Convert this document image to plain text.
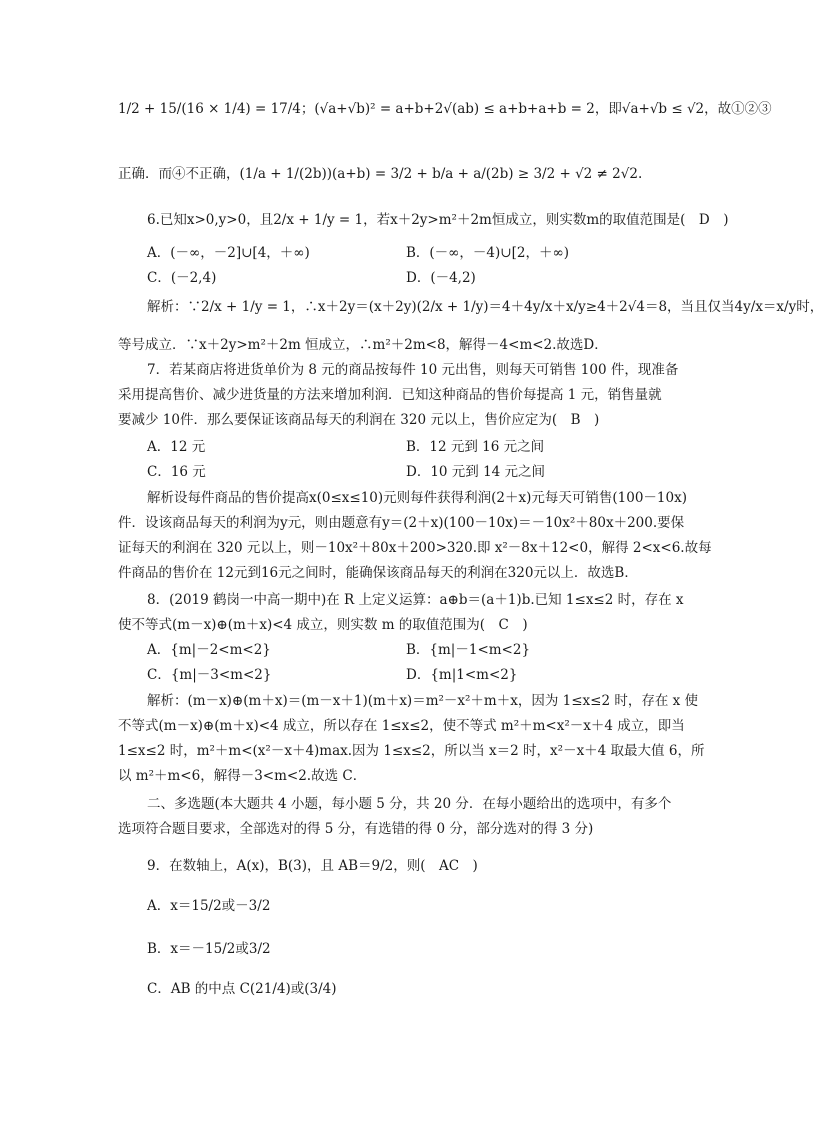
1/2 + 15/(16 × 1/4) = 17/4；(√a+√b)² = a+b+2√(ab) ≤ a+b+a+b = 2，即√a+√b ≤ √2，故①②③
正确．而④不正确，(1/a + 1/(2b))(a+b) = 3/2 + b/a + a/(2b) ≥ 3/2 + √2 ≠ 2√2.
6.已知x>0,y>0，且2/x + 1/y = 1，若x＋2y>m²＋2m恒成立，则实数m的取值范围是(　D　)
解析：∵2/x + 1/y = 1，∴x＋2y＝(x＋2y)(2/x + 1/y)＝4＋4y/x＋x/y≥4＋2√4＝8，当且仅当4y/x＝x/y时，
等号成立．∵x＋2y>m²＋2m 恒成立，∴m²＋2m<8，解得－4<m<2.故选D．
7．若某商店将进货单价为 8 元的商品按每件 10 元出售，则每天可销售 100 件，现准备
采用提高售价、减少进货量的方法来增加利润．已知这种商品的售价每提高 1 元，销售量就
要减少 10件．那么要保证该商品每天的利润在 320 元以上，售价应定为(　B　)
解析设每件商品的售价提高x(0≤x≤10)元则每件获得利润(2＋x)元每天可销售(100－10x)
件．设该商品每天的利润为y元，则由题意有y＝(2＋x)(100－10x)＝－10x²＋80x＋200.要保
证每天的利润在 320 元以上，则－10x²＋80x＋200>320.即 x²－8x＋12<0，解得 2<x<6.故每
件商品的售价在 12元到16元之间时，能确保该商品每天的利润在320元以上．故选B．
8．(2019 鹤岗一中高一期中)在 R 上定义运算：a⊕b＝(a＋1)b.已知 1≤x≤2 时，存在 x
使不等式(m－x)⊕(m＋x)<4 成立，则实数 m 的取值范围为(　C　)
解析：(m－x)⊕(m＋x)＝(m－x＋1)(m＋x)＝m²－x²＋m＋x，因为 1≤x≤2 时，存在 x 使
不等式(m－x)⊕(m＋x)<4 成立，所以存在 1≤x≤2，使不等式 m²＋m<x²－x＋4 成立，即当
1≤x≤2 时，m²＋m<(x²－x＋4)max.因为 1≤x≤2，所以当 x＝2 时，x²－x＋4 取最大值 6，所
以 m²＋m<6，解得－3<m<2.故选 C．
二、多选题(本大题共 4 小题，每小题 5 分，共 20 分．在每小题给出的选项中，有多个
选项符合题目要求，全部选对的得 5 分，有选错的得 0 分，部分选对的得 3 分)
9．在数轴上，A(x)，B(3)，且 AB＝9/2，则(　AC　)
A．x＝15/2或－3/2
B．x＝－15/2或3/2
C．AB 的中点 C(21/4)或(3/4)
A．(－∞，－2]∪[4，＋∞)	B．(－∞，－4)∪[2，＋∞)
C．(－2,4)	D．(－4,2)
A．12 元	B．12 元到 16 元之间
C．16 元	D．10 元到 14 元之间
A．{m|－2<m<2}	B．{m|－1<m<2}
C．{m|－3<m<2}	D．{m|1<m<2}
